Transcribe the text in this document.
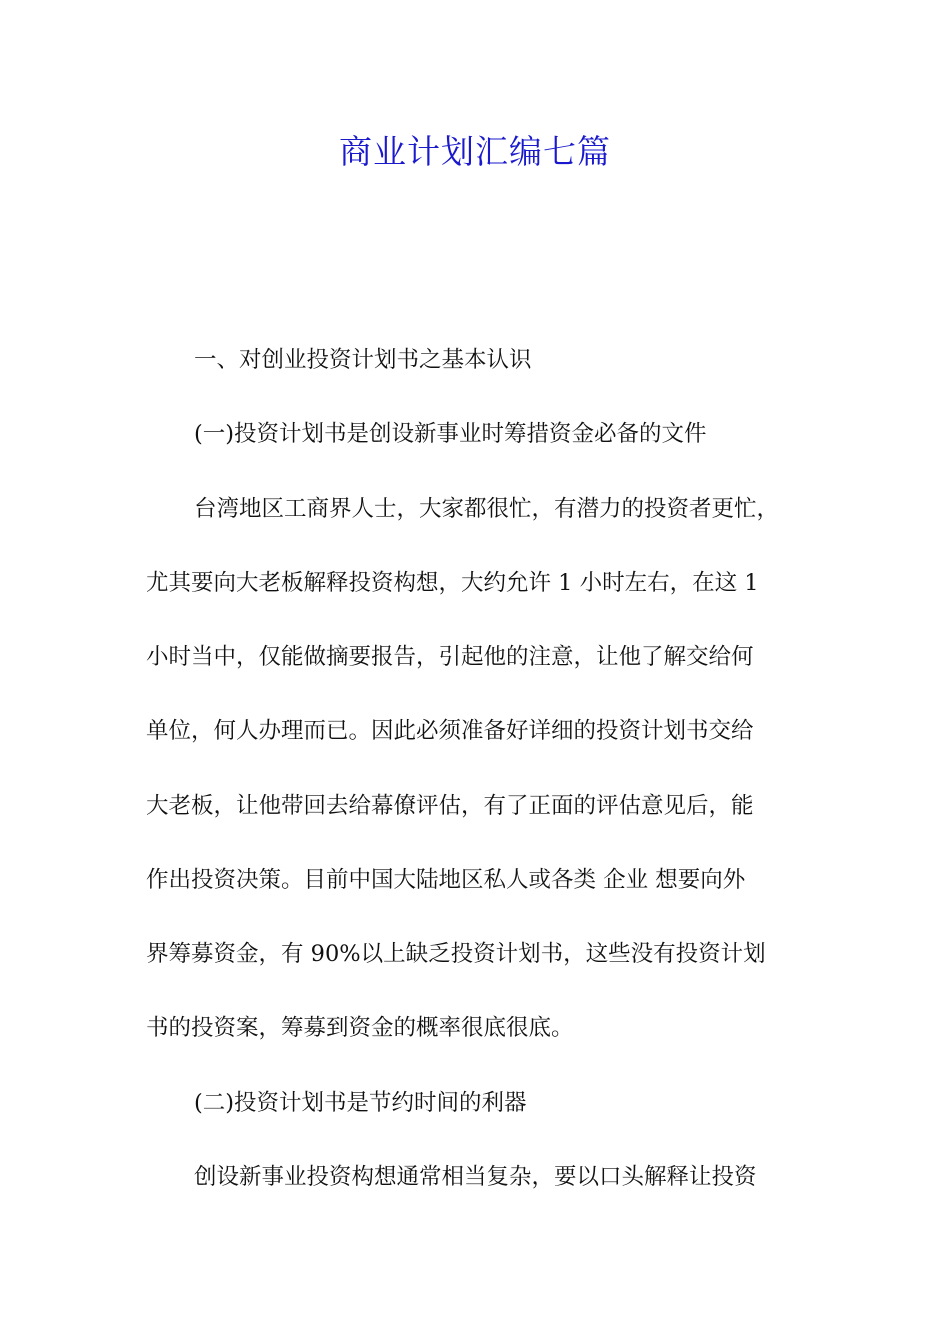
商业计划汇编七篇
一、对创业投资计划书之基本认识
(一)投资计划书是创设新事业时筹措资金必备的文件
台湾地区工商界人士，大家都很忙，有潜力的投资者更忙，
尤其要向大老板解释投资构想，大约允许 1 小时左右，在这 1
小时当中，仅能做摘要报告，引起他的注意，让他了解交给何
单位，何人办理而已。因此必须准备好详细的投资计划书交给
大老板，让他带回去给幕僚评估，有了正面的评估意见后，能
作出投资决策。目前中国大陆地区私人或各类 企业 想要向外
界筹募资金，有 90%以上缺乏投资计划书，这些没有投资计划
书的投资案，筹募到资金的概率很底很底。
(二)投资计划书是节约时间的利器
创设新事业投资构想通常相当复杂，要以口头解释让投资
